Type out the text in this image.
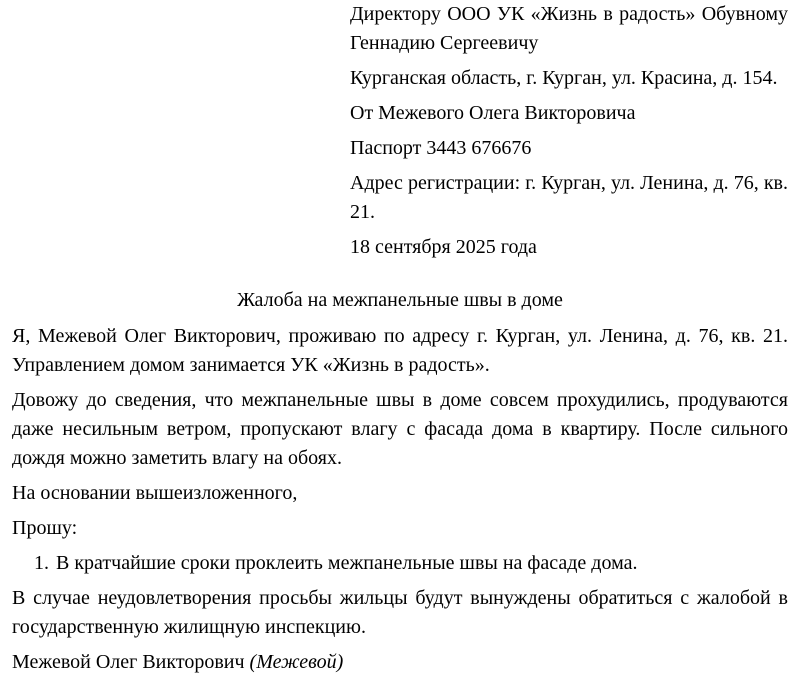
Директору ООО УК «Жизнь в радость» Обувному Геннадию Сергеевичу

Курганская область, г. Курган, ул. Красина, д. 154.

От Межевого Олега Викторовича

Паспорт 3443 676676

Адрес регистрации: г. Курган, ул. Ленина, д. 76, кв. 21.

18 сентября 2025 года

Жалоба на межпанельные швы в доме

Я, Межевой Олег Викторович, проживаю по адресу г. Курган, ул. Ленина, д. 76, кв. 21. Управлением домом занимается УК «Жизнь в радость».

Довожу до сведения, что межпанельные швы в доме совсем прохудились, продуваются даже несильным ветром, пропускают влагу с фасада дома в квартиру. После сильного дождя можно заметить влагу на обоях.

На основании вышеизложенного,

Прошу:

1. В кратчайшие сроки проклеить межпанельные швы на фасаде дома.

В случае неудовлетворения просьбы жильцы будут вынуждены обратиться с жалобой в государственную жилищную инспекцию.

Межевой Олег Викторович (Межевой)
